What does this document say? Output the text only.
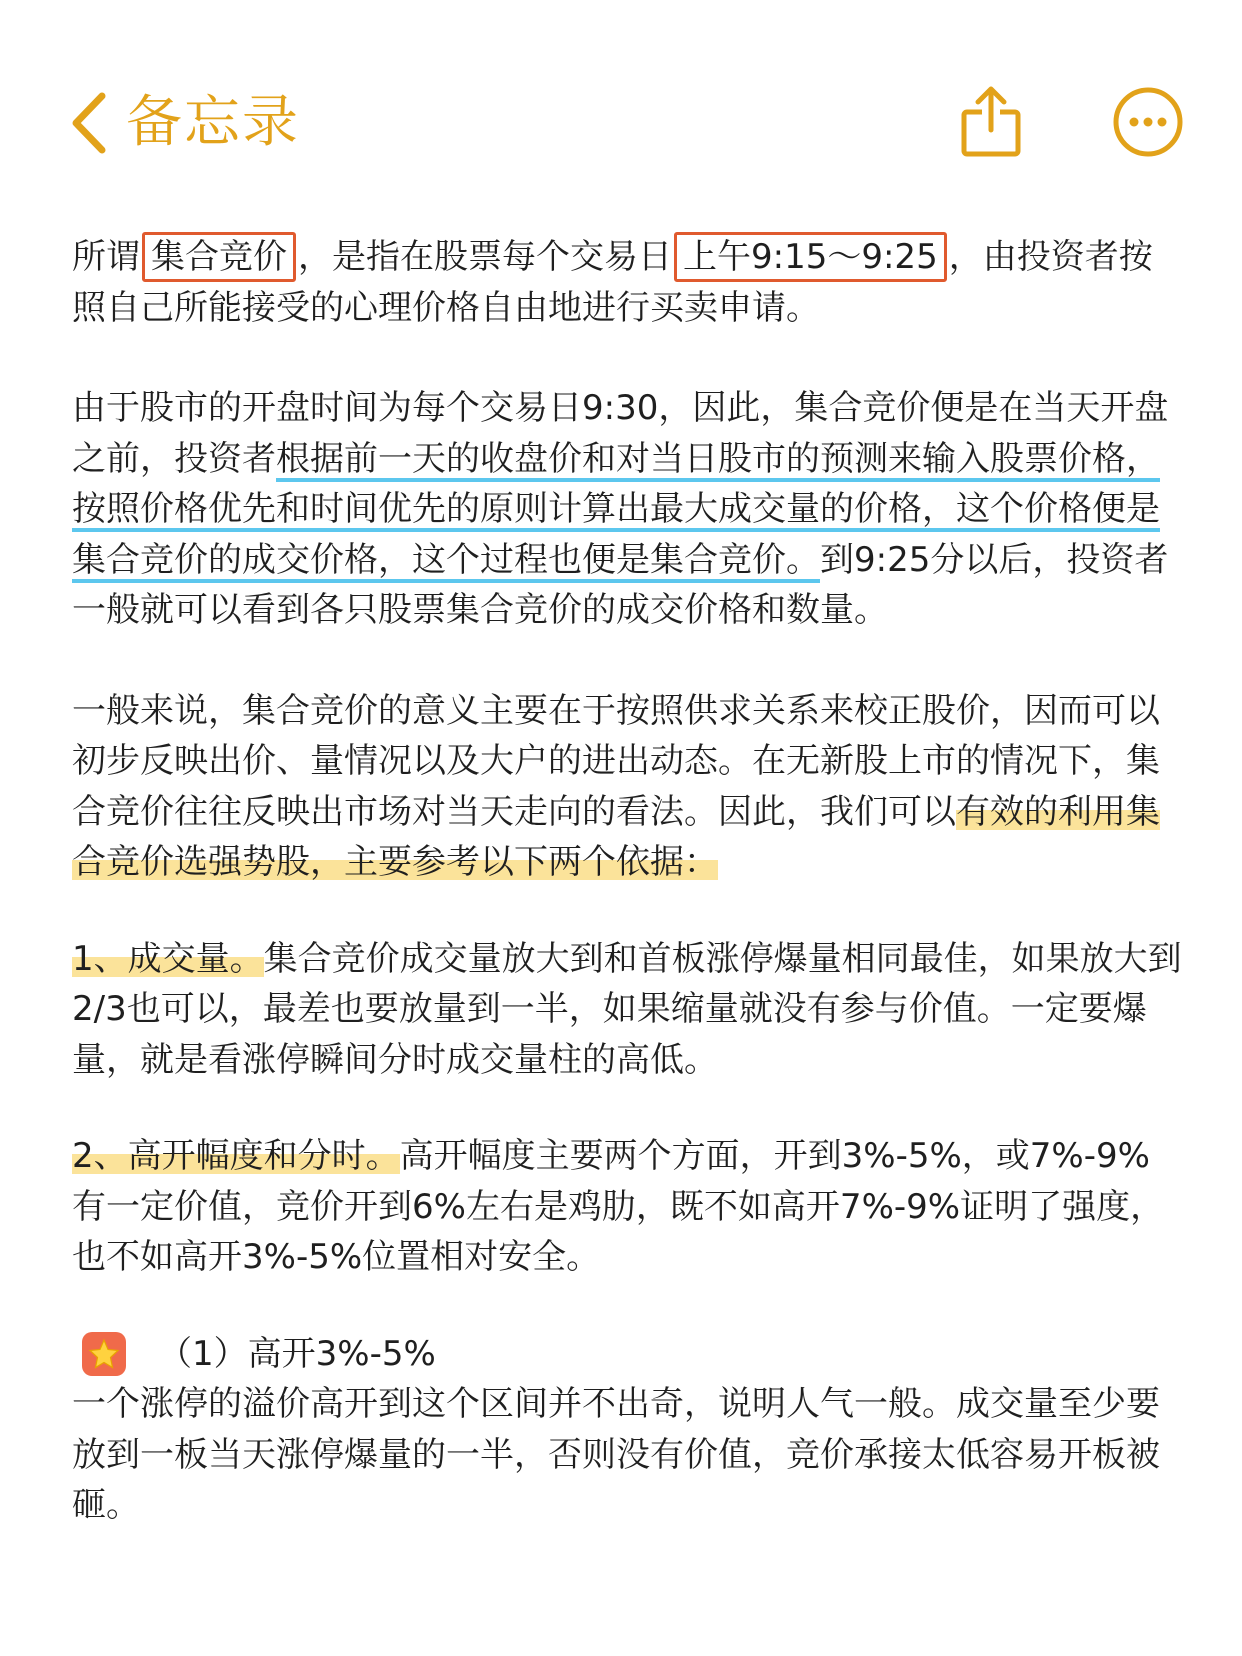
备忘录

所谓 集合竞价 ，是指在股票每个交易日 上午9:15～9:25 ，由投资者按照自己所能接受的心理价格自由地进行买卖申请。

由于股市的开盘时间为每个交易日9:30，因此，集合竞价便是在当天开盘之前，投资者根据前一天的收盘价和对当日股市的预测来输入股票价格，按照价格优先和时间优先的原则计算出最大成交量的价格，这个价格便是集合竞价的成交价格，这个过程也便是集合竞价。到9:25分以后，投资者一般就可以看到各只股票集合竞价的成交价格和数量。

一般来说，集合竞价的意义主要在于按照供求关系来校正股价，因而可以初步反映出价、量情况以及大户的进出动态。在无新股上市的情况下，集合竞价往往反映出市场对当天走向的看法。因此，我们可以有效的利用集合竞价选强势股，主要参考以下两个依据：

1、成交量。集合竞价成交量放大到和首板涨停爆量相同最佳，如果放大到2/3也可以，最差也要放量到一半，如果缩量就没有参与价值。一定要爆量，就是看涨停瞬间分时成交量柱的高低。

2、高开幅度和分时。高开幅度主要两个方面，开到3%-5%，或7%-9%有一定价值，竞价开到6%左右是鸡肋，既不如高开7%-9%证明了强度，也不如高开3%-5%位置相对安全。

（1）高开3%-5%

一个涨停的溢价高开到这个区间并不出奇，说明人气一般。成交量至少要放到一板当天涨停爆量的一半，否则没有价值，竞价承接太低容易开板被砸。
